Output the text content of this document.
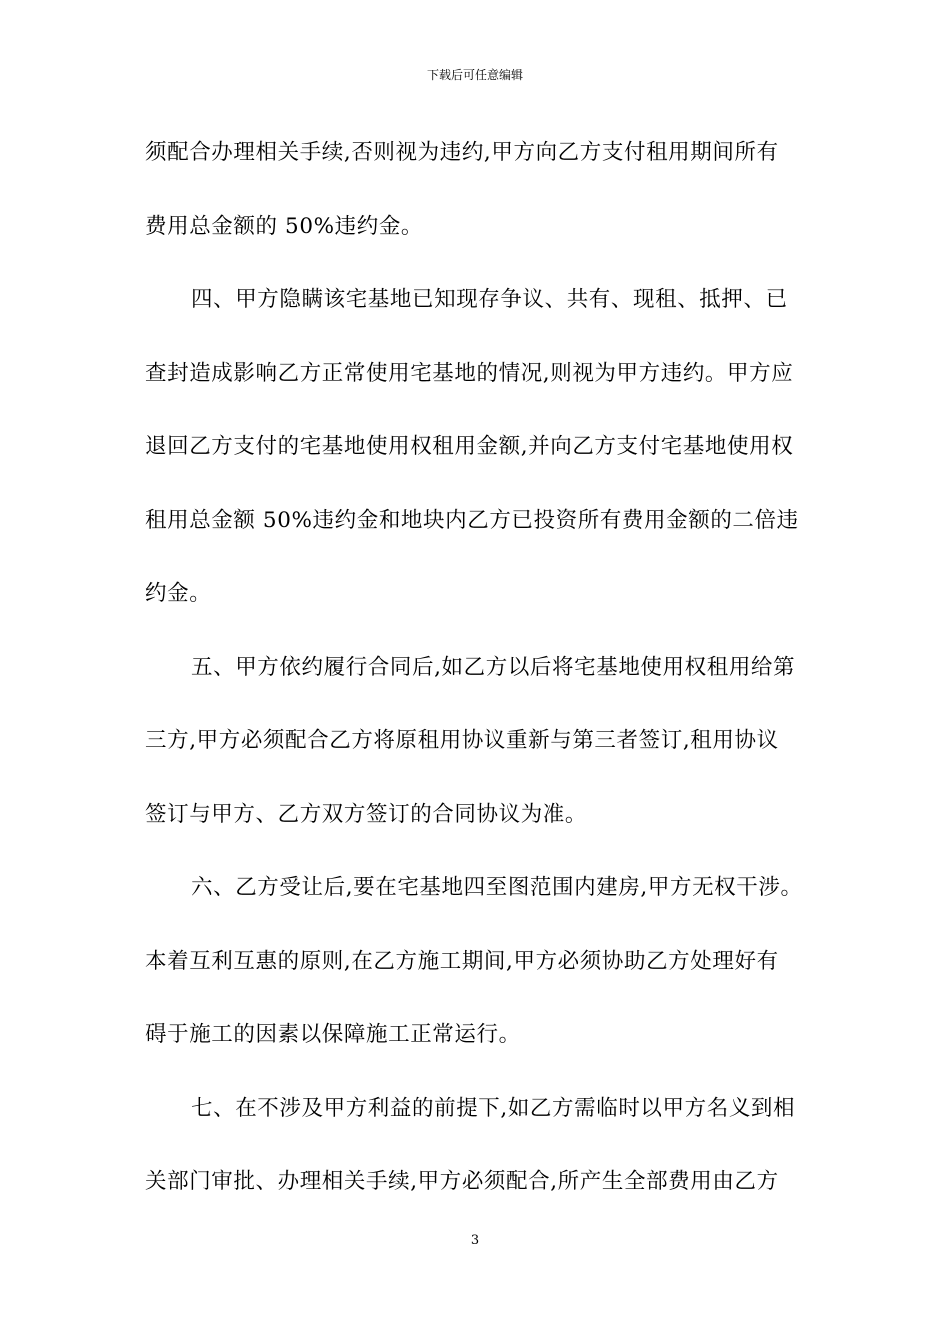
下载后可任意编辑
须配合办理相关手续,否则视为违约,甲方向乙方支付租用期间所有
费用总金额的 50%违约金。
四、甲方隐瞒该宅基地已知现存争议、共有、现租、抵押、已
查封造成影响乙方正常使用宅基地的情况,则视为甲方违约。甲方应
退回乙方支付的宅基地使用权租用金额,并向乙方支付宅基地使用权
租用总金额 50%违约金和地块内乙方已投资所有费用金额的二倍违
约金。
五、甲方依约履行合同后,如乙方以后将宅基地使用权租用给第
三方,甲方必须配合乙方将原租用协议重新与第三者签订,租用协议
签订与甲方、乙方双方签订的合同协议为准。
六、乙方受让后,要在宅基地四至图范围内建房,甲方无权干涉。
本着互利互惠的原则,在乙方施工期间,甲方必须协助乙方处理好有
碍于施工的因素以保障施工正常运行。
七、在不涉及甲方利益的前提下,如乙方需临时以甲方名义到相
关部门审批、办理相关手续,甲方必须配合,所产生全部费用由乙方
3
